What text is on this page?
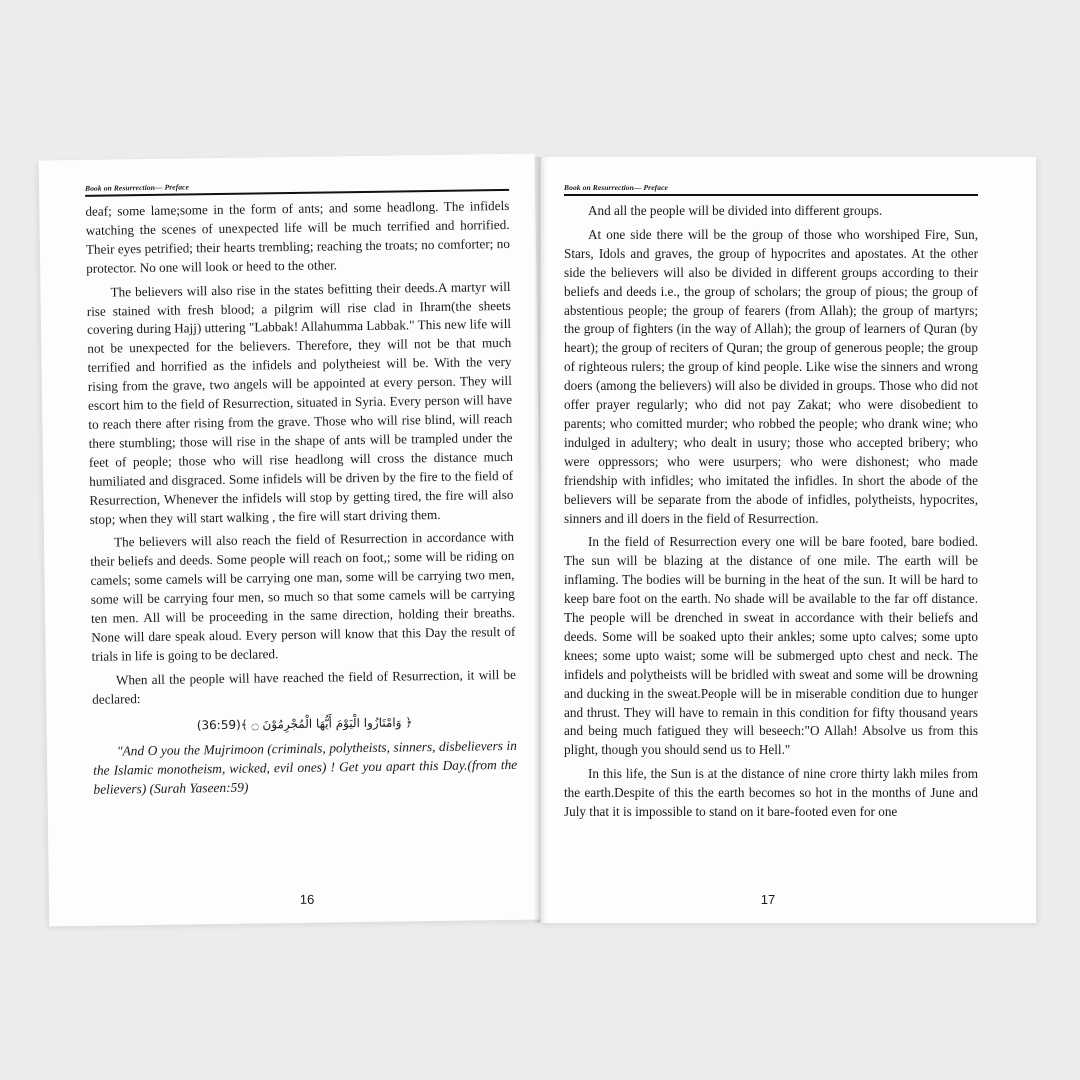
Book on Resurrection— Preface

deaf; some lame;some in the form of ants; and some headlong. The infidels watching the scenes of unexpected life will be much terrified and horrified. Their eyes petrified; their hearts trembling; reaching the troats; no comforter; no protector. No one will look or heed to the other.

The believers will also rise in the states befitting their deeds.A martyr will rise stained with fresh blood; a pilgrim will rise clad in Ihram(the sheets covering during Hajj) uttering "Labbak! Allahumma Labbak." This new life will not be unexpected for the believers. Therefore, they will not be that much terrified and horrified as the infidels and polytheiest will be. With the very rising from the grave, two angels will be appointed at every person. They will escort him to the field of Resurrection, situated in Syria. Every person will have to reach there after rising from the grave. Those who will rise blind, will reach there stumbling; those will rise in the shape of ants will be trampled under the feet of people; those who will rise headlong will cross the distance much humiliated and disgraced. Some infidels will be driven by the fire to the field of Resurrection, Whenever the infidels will stop by getting tired, the fire will also stop; when they will start walking , the fire will start driving them.

The believers will also reach the field of Resurrection in accordance with their beliefs and deeds. Some people will reach on foot,; some will be riding on camels; some camels will be carrying one man, some will be carrying two men, some will be carrying four men, so much so that some camels will be carrying ten men. All will be proceeding in the same direction, holding their breaths. None will dare speak aloud. Every person will know that this Day the result of trials in life is going to be declared.

When all the people will have reached the field of Resurrection, it will be declared:

﴿ وَامْتَازُوا الْيَوْمَ أَيُّهَا الْمُجْرِمُوْنَ ۝ ﴾(36:59)

"And O you the Mujrimoon (criminals, polytheists, sinners, disbelievers in the Islamic monotheism, wicked, evil ones) ! Get you apart this Day.(from the believers) (Surah Yaseen:59)

16
Book on Resurrection— Preface

And all the people will be divided into different groups.

At one side there will be the group of those who worshiped Fire, Sun, Stars, Idols and graves, the group of hypocrites and apostates. At the other side the believers will also be divided in different groups according to their beliefs and deeds i.e., the group of scholars; the group of pious; the group of abstentious people; the group of fearers (from Allah); the group of martyrs; the group of fighters (in the way of Allah); the group of learners of Quran (by heart); the group of reciters of Quran; the group of generous people; the group of righteous rulers; the group of kind people. Like wise the sinners and wrong doers (among the believers) will also be divided in groups. Those who did not offer prayer regularly; who did not pay Zakat; who were disobedient to parents; who comitted murder; who robbed the people; who drank wine; who indulged in adultery; who dealt in usury; those who accepted bribery; who were oppressors; who were usurpers; who were dishonest; who made friendship with infidles; who imitated the infidles. In short the abode of the believers will be separate from the abode of infidles, polytheists, hypocrites, sinners and ill doers in the field of Resurrection.

In the field of Resurrection every one will be bare footed, bare bodied. The sun will be blazing at the distance of one mile. The earth will be inflaming. The bodies will be burning in the heat of the sun. It will be hard to keep bare foot on the earth. No shade will be available to the far off distance. The people will be drenched in sweat in accordance with their beliefs and deeds. Some will be soaked upto their ankles; some upto calves; some upto knees; some upto waist; some will be submerged upto chest and neck. The infidels and polytheists will be bridled with sweat and some will be drowning and ducking in the sweat.People will be in miserable condition due to hunger and thrust. They will have to remain in this condition for fifty thousand years and being much fatigued they will beseech:"O Allah! Absolve us from this plight, though you should send us to Hell."

In this life, the Sun is at the distance of nine crore thirty lakh miles from the earth.Despite of this the earth becomes so hot in the months of June and July that it is impossible to stand on it bare-footed even for one

17
